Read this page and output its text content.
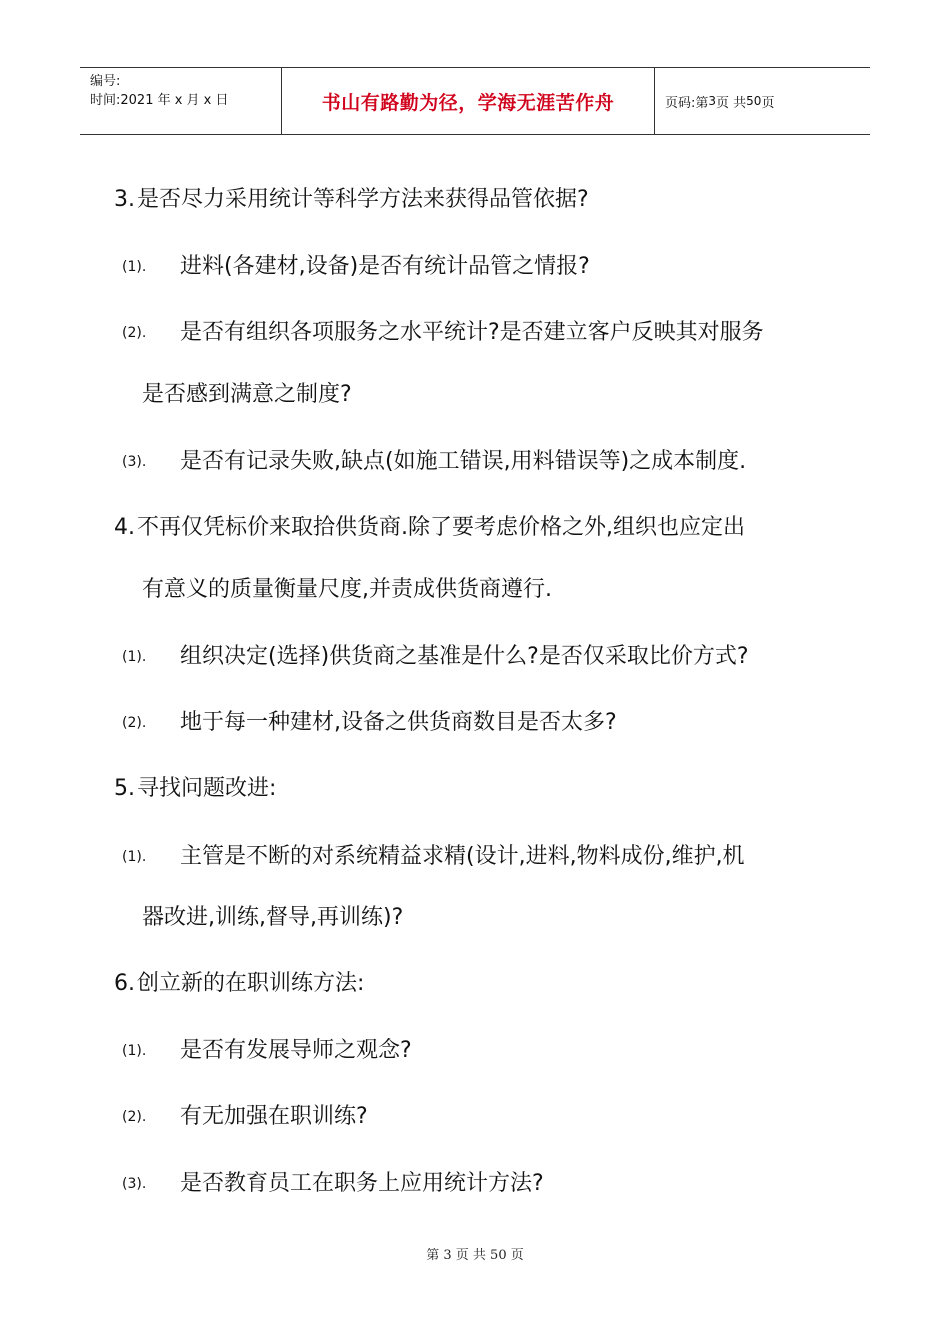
编号:
时间:2021 年 x 月 x 日	书山有路勤为径，学海无涯苦作舟	页码:第 3 页 共 50 页
3.是否尽力采用统计等科学方法来获得品管依据?
(1). 进料(各建材,设备)是否有统计品管之情报?
(2). 是否有组织各项服务之水平统计?是否建立客户反映其对服务
是否感到满意之制度?
(3). 是否有记录失败,缺点(如施工错误,用料错误等)之成本制度.
4.不再仅凭标价来取拾供货商.除了要考虑价格之外,组织也应定出
有意义的质量衡量尺度,并责成供货商遵行.
(1). 组织决定(选择)供货商之基准是什么?是否仅采取比价方式?
(2). 地于每一种建材,设备之供货商数目是否太多?
5.寻找问题改进:
(1). 主管是不断的对系统精益求精(设计,进料,物料成份,维护,机
器改进,训练,督导,再训练)?
6.创立新的在职训练方法:
(1). 是否有发展导师之观念?
(2). 有无加强在职训练?
(3). 是否教育员工在职务上应用统计方法?
第 3 页 共 50 页
